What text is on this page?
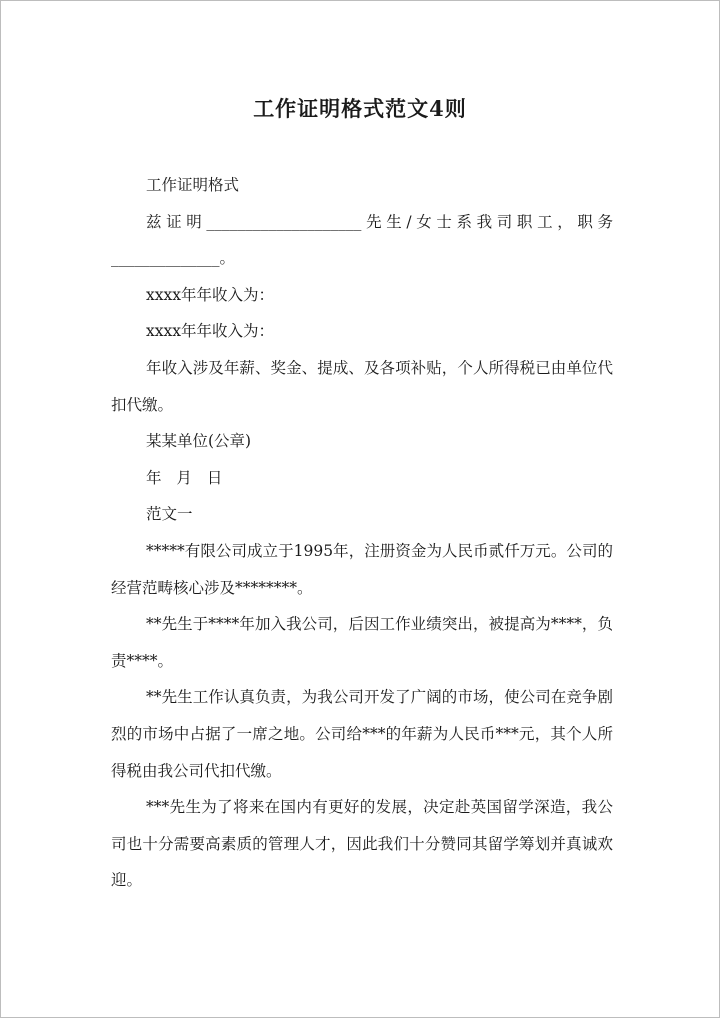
工作证明格式范文4则

工作证明格式

兹证明____________________先生/女士系我司职工，职务

______________。

xxxx年年收入为：

xxxx年年收入为：

年收入涉及年薪、奖金、提成、及各项补贴，个人所得税已由单位代扣代缴。

某某单位(公章)

年 月 日

范文一

*****有限公司成立于1995年，注册资金为人民币贰仟万元。公司的经营范畴核心涉及********。

**先生于****年加入我公司，后因工作业绩突出，被提高为****，负责****。

**先生工作认真负责，为我公司开发了广阔的市场，使公司在竞争剧烈的市场中占据了一席之地。公司给***的年薪为人民币***元，其个人所得税由我公司代扣代缴。

***先生为了将来在国内有更好的发展，决定赴英国留学深造，我公司也十分需要高素质的管理人才，因此我们十分赞同其留学筹划并真诚欢迎。
